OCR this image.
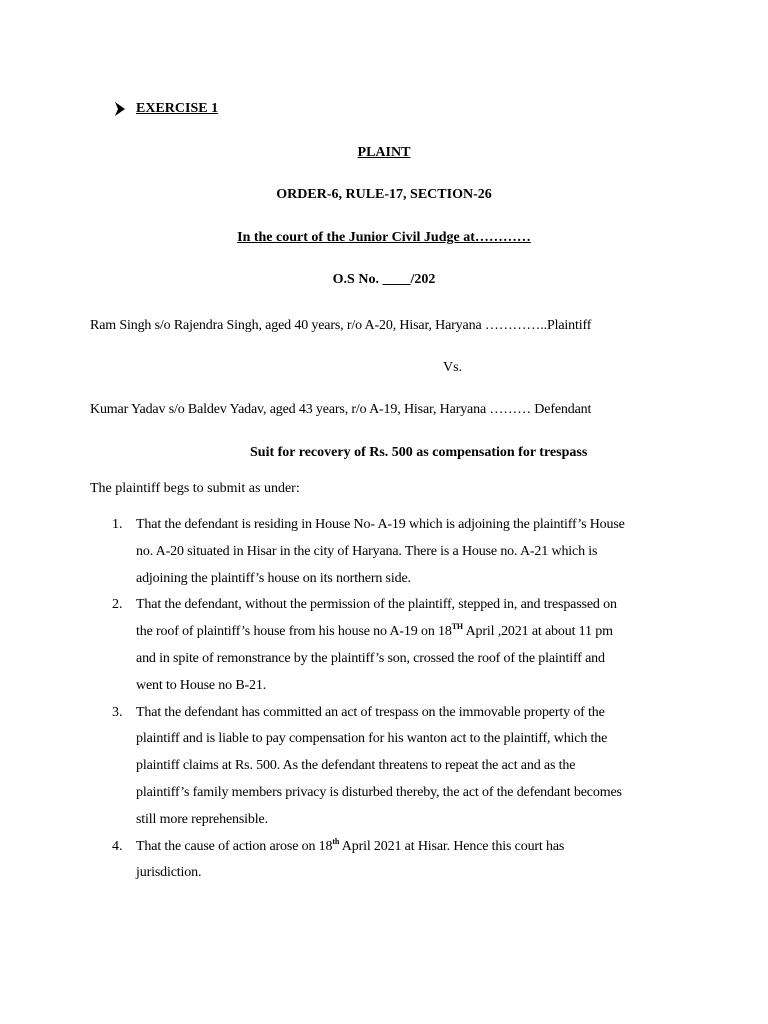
EXERCISE 1
PLAINT
ORDER-6, RULE-17, SECTION-26
In the court of the Junior Civil Judge at…………
O.S No. ____/202
Ram Singh s/o Rajendra Singh, aged 40 years, r/o A-20, Hisar, Haryana …………..Plaintiff
Vs.
Kumar Yadav s/o Baldev Yadav, aged 43 years, r/o A-19, Hisar, Haryana ……… Defendant
Suit for recovery of Rs. 500 as compensation for trespass
The plaintiff begs to submit as under:
1. That the defendant is residing in House No- A-19 which is adjoining the plaintiff’s House
no. A-20 situated in Hisar in the city of Haryana. There is a House no. A-21 which is
adjoining the plaintiff’s house on its northern side.
2. That the defendant, without the permission of the plaintiff, stepped in, and trespassed on
the roof of plaintiff’s house from his house no A-19 on 18TH April ,2021 at about 11 pm
and in spite of remonstrance by the plaintiff’s son, crossed the roof of the plaintiff and
went to House no B-21.
3. That the defendant has committed an act of trespass on the immovable property of the
plaintiff and is liable to pay compensation for his wanton act to the plaintiff, which the
plaintiff claims at Rs. 500. As the defendant threatens to repeat the act and as the
plaintiff’s family members privacy is disturbed thereby, the act of the defendant becomes
still more reprehensible.
4. That the cause of action arose on 18th April 2021 at Hisar. Hence this court has
jurisdiction.
